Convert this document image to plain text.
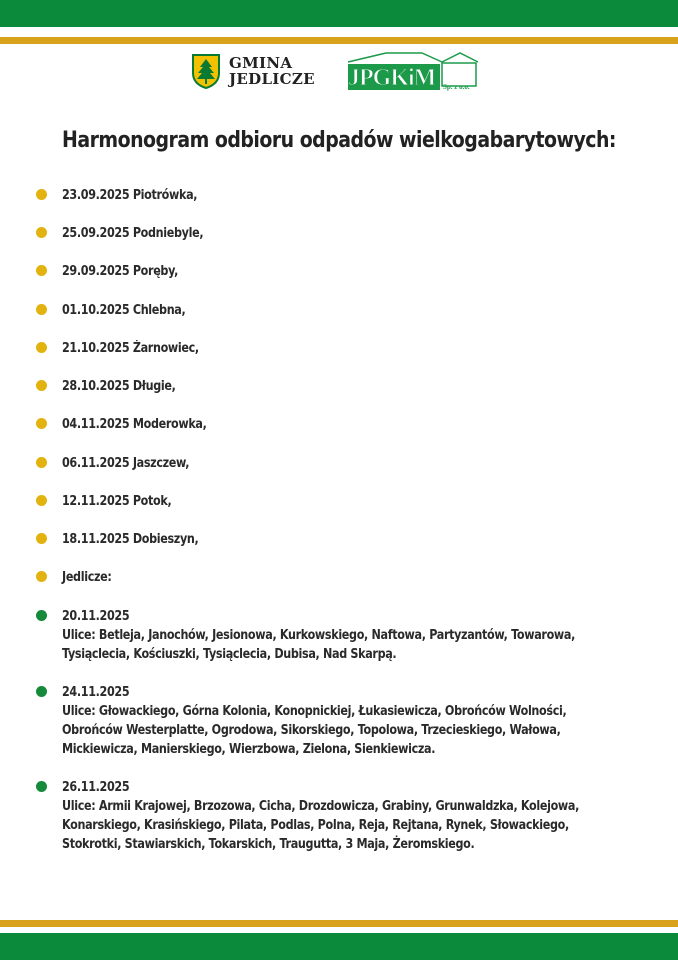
GMINA
JEDLICZE JPGKiM Sp. z o.o.
Harmonogram odbioru odpadów wielkogabarytowych:
23.09.2025 Piotrówka,
25.09.2025 Podniebyle,
29.09.2025 Poręby,
01.10.2025 Chlebna,
21.10.2025 Żarnowiec,
28.10.2025 Długie,
04.11.2025 Moderowka,
06.11.2025 Jaszczew,
12.11.2025 Potok,
18.11.2025 Dobieszyn,
Jedlicze:
20.11.2025
Ulice: Betleja, Janochów, Jesionowa, Kurkowskiego, Naftowa, Partyzantów, Towarowa,
Tysiąclecia, Kościuszki, Tysiąclecia, Dubisa, Nad Skarpą.
24.11.2025
Ulice: Głowackiego, Górna Kolonia, Konopnickiej, Łukasiewicza, Obrońców Wolności,
Obrońców Westerplatte, Ogrodowa, Sikorskiego, Topolowa, Trzecieskiego, Wałowa,
Mickiewicza, Manierskiego, Wierzbowa, Zielona, Sienkiewicza.
26.11.2025
Ulice: Armii Krajowej, Brzozowa, Cicha, Drozdowicza, Grabiny, Grunwaldzka, Kolejowa,
Konarskiego, Krasińskiego, Pilata, Podlas, Polna, Reja, Rejtana, Rynek, Słowackiego,
Stokrotki, Stawiarskich, Tokarskich, Traugutta, 3 Maja, Żeromskiego.
